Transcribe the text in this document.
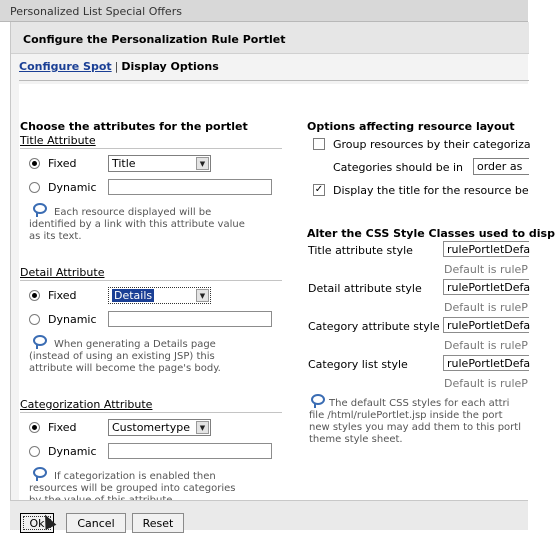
Personalized List Special Offers
Configure the Personalization Rule Portlet
Configure Spot | Display Options
Choose the attributes for the portlet
Title Attribute
Fixed	Title	▼
Dynamic
Each resource displayed will be
identified by a link with this attribute value
as its text.
Detail Attribute
Fixed	Details	▼
Dynamic
When generating a Details page
(instead of using an existing JSP) this
attribute will become the page's body.
Categorization Attribute
Fixed	Customertype	▼
Dynamic
If categorization is enabled then
resources will be grouped into categories
Options affecting resource layout
Group resources by their categoriza
Categories should be in	order as
✓ Display the title for the resource be
Alter the CSS Style Classes used to disp
Title attribute style	rulePortletDefa
Default is ruleP
Detail attribute style	rulePortletDefa
Default is ruleP
Category attribute style rulePortletDefa
Default is ruleP
Category list style	rulePortletDefa
Default is ruleP
The default CSS styles for each attri
file /html/rulePortlet.jsp inside the port
new styles you may add them to this portl
theme style sheet.
Ok	Cancel	Reset
